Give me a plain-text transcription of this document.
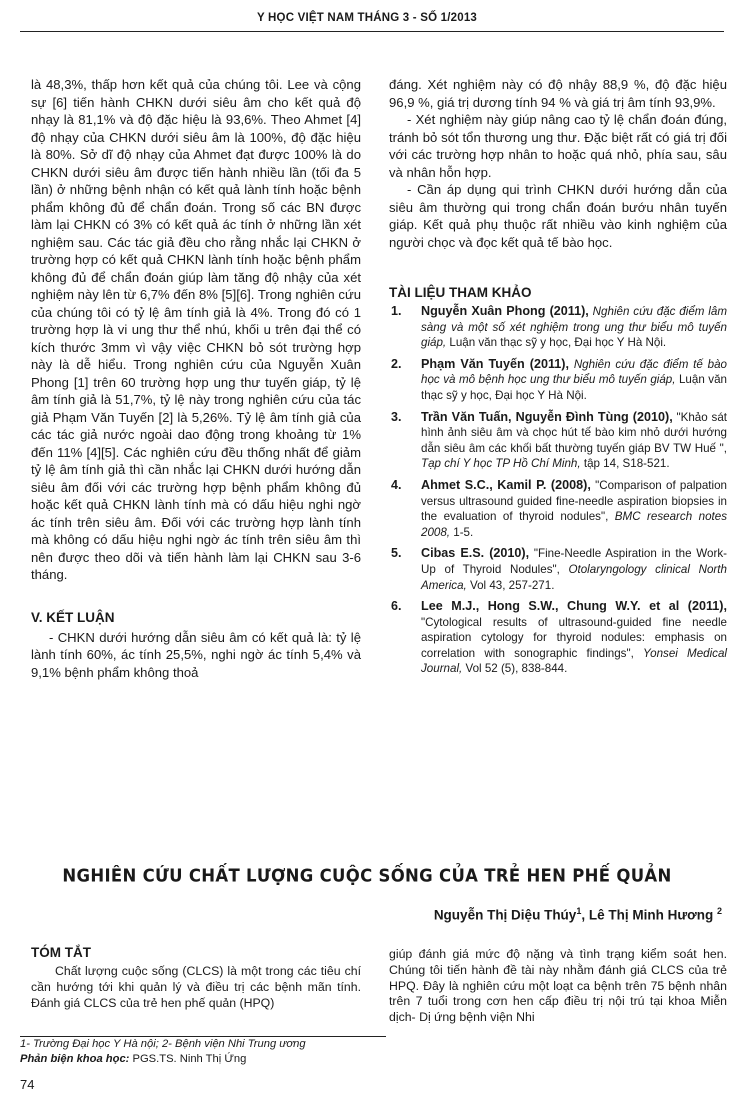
Y HỌC VIỆT NAM THÁNG 3 - SỐ 1/2013

là 48,3%, thấp hơn kết quả của chúng tôi. Lee và cộng sự [6] tiến hành CHKN dưới siêu âm cho kết quả độ nhạy là 81,1% và độ đặc hiệu là 93,6%. Theo Ahmet [4] độ nhạy của CHKN dưới siêu âm là 100%, độ đặc hiệu là 80%. Sở dĩ độ nhạy của Ahmet đạt được 100% là do CHKN dưới siêu âm được tiến hành nhiều lần (tối đa 5 lần) ở những bệnh nhận có kết quả lành tính hoặc bệnh phẩm không đủ để chẩn đoán. Trong số các BN được làm lại CHKN có 3% có kết quả ác tính ở những lần xét nghiệm sau. Các tác giả đều cho rằng nhắc lại CHKN ở trường hợp có kết quả CHKN lành tính hoặc bệnh phẩm không đủ để chẩn đoán giúp làm tăng độ nhậy của xét nghiệm này lên từ 6,7% đến 8% [5][6]. Trong nghiên cứu của chúng tôi có tỷ lệ âm tính giả là 4%. Trong đó có 1 trường hợp là vi ung thư thể nhú, khối u trên đại thể có kích thước 3mm vì vậy việc CHKN bỏ sót trường hợp này là dễ hiểu. Trong nghiên cứu của Nguyễn Xuân Phong [1] trên 60 trường hợp ung thư tuyến giáp, tỷ lệ âm tính giả là 51,7%, tỷ lệ này trong nghiên cứu của tác giả Phạm Văn Tuyến [2] là 5,26%. Tỷ lệ âm tính giả của các tác giả nước ngoài dao động trong khoảng từ 1% đến 11% [4][5]. Các nghiên cứu đều thống nhất để giảm tỷ lệ âm tính giả thì cần nhắc lại CHKN dưới hướng dẫn siêu âm đối với các trường hợp bệnh phẩm không đủ hoặc kết quả CHKN lành tính mà có dấu hiệu nghi ngờ ác tính trên siêu âm. Đối với các trường hợp lành tính mà không có dấu hiệu nghi ngờ ác tính trên siêu âm thì nên được theo dõi và tiến hành làm lại CHKN sau 3-6 tháng.

V. KẾT LUẬN

- CHKN dưới hướng dẫn siêu âm có kết quả là: tỷ lệ lành tính 60%, ác tính 25,5%, nghi ngờ ác tính 5,4% và 9,1% bệnh phẩm không thoả

đáng. Xét nghiệm này có độ nhậy 88,9 %, độ đặc hiệu 96,9 %, giá trị dương tính 94 % và giá trị âm tính 93,9%.

- Xét nghiệm này giúp nâng cao tỷ lệ chẩn đoán đúng, tránh bỏ sót tổn thương ung thư. Đặc biệt rất có giá trị đối với các trường hợp nhân to hoặc quá nhỏ, phía sau, sâu và nhân hỗn hợp.

- Cần áp dụng qui trình CHKN dưới hướng dẫn của siêu âm thường qui trong chẩn đoán bướu nhân tuyến giáp. Kết quả phụ thuộc rất nhiều vào kinh nghiệm của người chọc và đọc kết quả tế bào học.

TÀI LIỆU THAM KHẢO
1. Nguyễn Xuân Phong (2011), Nghiên cứu đặc điểm lâm sàng và một số xét nghiệm trong ung thư biểu mô tuyến giáp, Luận văn thạc sỹ y học, Đại học Y Hà Nội.
2. Phạm Văn Tuyến (2011), Nghiên cứu đặc điểm tế bào học và mô bệnh học ung thư biểu mô tuyến giáp, Luận văn thạc sỹ y học, Đại học Y Hà Nội.
3. Trần Văn Tuấn, Nguyễn Đình Tùng (2010), "Khảo sát hình ảnh siêu âm và chọc hút tế bào kim nhỏ dưới hướng dẫn siêu âm các khối bất thường tuyến giáp BV TW Huế ", Tạp chí Y học TP Hồ Chí Minh, tập 14, S18-521.
4. Ahmet S.C., Kamil P. (2008), "Comparison of palpation versus ultrasound guided fine-needle aspiration biopsies in the evaluation of thyroid nodules", BMC research notes 2008, 1-5.
5. Cibas E.S. (2010), "Fine-Needle Aspiration in the Work-Up of Thyroid Nodules", Otolaryngology clinical North America, Vol 43, 257-271.
6. Lee M.J., Hong S.W., Chung W.Y. et al (2011), "Cytological results of ultrasound-guided fine needle aspiration cytology for thyroid nodules: emphasis on correlation with sonographic findings", Yonsei Medical Journal, Vol 52 (5), 838-844.
NGHIÊN CỨU CHẤT LƯỢNG CUỘC SỐNG CỦA TRẺ HEN PHẾ QUẢN
Nguyễn Thị Diệu Thúy$^1$, Lê Thị Minh Hương $^2$
TÓM TẮT

Chất lượng cuộc sống (CLCS) là một trong các tiêu chí cần hướng tới khi quản lý và điều trị các bệnh mãn tính. Đánh giá CLCS của trẻ hen phế quản (HPQ)

giúp đánh giá mức độ nặng và tình trạng kiểm soát hen. Chúng tôi tiến hành đề tài này nhằm đánh giá CLCS của trẻ HPQ. Đây là nghiên cứu một loạt ca bệnh trên 75 bệnh nhân trên 7 tuổi trong cơn hen cấp điều trị nội trú tại khoa Miễn dịch- Dị ứng bệnh viện Nhi

1- Trường Đại học Y Hà nội; 2- Bệnh viện Nhi Trung ương
Phản biện khoa học: PGS.TS. Ninh Thị Ứng
74
